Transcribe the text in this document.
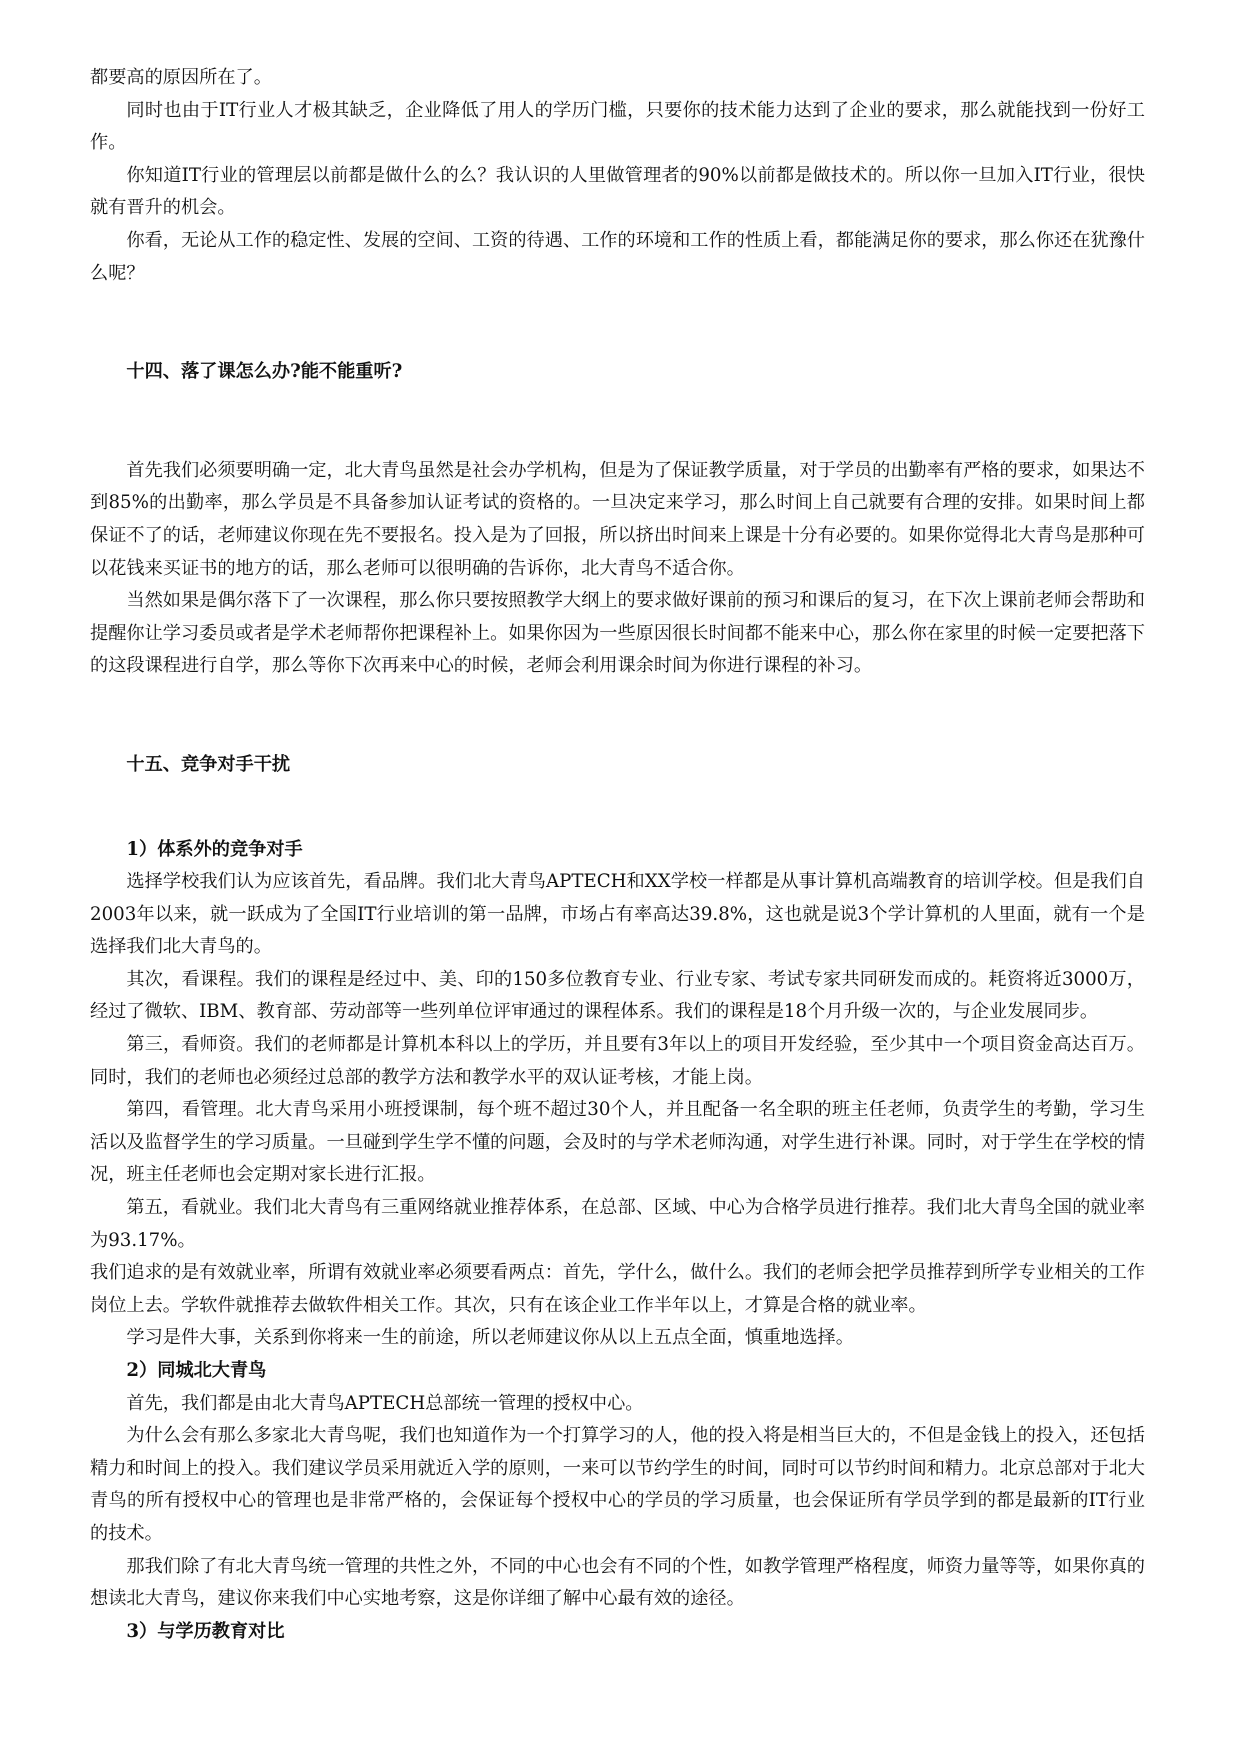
都要高的原因所在了。

同时也由于IT行业人才极其缺乏，企业降低了用人的学历门槛，只要你的技术能力达到了企业的要求，那么就能找到一份好工作。

你知道IT行业的管理层以前都是做什么的么？我认识的人里做管理者的90%以前都是做技术的。所以你一旦加入IT行业，很快就有晋升的机会。

你看，无论从工作的稳定性、发展的空间、工资的待遇、工作的环境和工作的性质上看，都能满足你的要求，那么你还在犹豫什么呢？

十四、落了课怎么办?能不能重听?

首先我们必须要明确一定，北大青鸟虽然是社会办学机构，但是为了保证教学质量，对于学员的出勤率有严格的要求，如果达不到85%的出勤率，那么学员是不具备参加认证考试的资格的。一旦决定来学习，那么时间上自己就要有合理的安排。如果时间上都保证不了的话，老师建议你现在先不要报名。投入是为了回报，所以挤出时间来上课是十分有必要的。如果你觉得北大青鸟是那种可以花钱来买证书的地方的话，那么老师可以很明确的告诉你，北大青鸟不适合你。

当然如果是偶尔落下了一次课程，那么你只要按照教学大纲上的要求做好课前的预习和课后的复习，在下次上课前老师会帮助和提醒你让学习委员或者是学术老师帮你把课程补上。如果你因为一些原因很长时间都不能来中心，那么你在家里的时候一定要把落下的这段课程进行自学，那么等你下次再来中心的时候，老师会利用课余时间为你进行课程的补习。

十五、竞争对手干扰

1）体系外的竞争对手

选择学校我们认为应该首先，看品牌。我们北大青鸟APTECH和XX学校一样都是从事计算机高端教育的培训学校。但是我们自2003年以来，就一跃成为了全国IT行业培训的第一品牌，市场占有率高达39.8%，这也就是说3个学计算机的人里面，就有一个是选择我们北大青鸟的。

其次，看课程。我们的课程是经过中、美、印的150多位教育专业、行业专家、考试专家共同研发而成的。耗资将近3000万，经过了微软、IBM、教育部、劳动部等一些列单位评审通过的课程体系。我们的课程是18个月升级一次的，与企业发展同步。

第三，看师资。我们的老师都是计算机本科以上的学历，并且要有3年以上的项目开发经验，至少其中一个项目资金高达百万。同时，我们的老师也必须经过总部的教学方法和教学水平的双认证考核，才能上岗。

第四，看管理。北大青鸟采用小班授课制，每个班不超过30个人，并且配备一名全职的班主任老师，负责学生的考勤，学习生活以及监督学生的学习质量。一旦碰到学生学不懂的问题，会及时的与学术老师沟通，对学生进行补课。同时，对于学生在学校的情况，班主任老师也会定期对家长进行汇报。

第五，看就业。我们北大青鸟有三重网络就业推荐体系，在总部、区域、中心为合格学员进行推荐。我们北大青鸟全国的就业率为93.17%。

我们追求的是有效就业率，所谓有效就业率必须要看两点：首先，学什么，做什么。我们的老师会把学员推荐到所学专业相关的工作岗位上去。学软件就推荐去做软件相关工作。其次，只有在该企业工作半年以上，才算是合格的就业率。

学习是件大事，关系到你将来一生的前途，所以老师建议你从以上五点全面，慎重地选择。

2）同城北大青鸟

首先，我们都是由北大青鸟APTECH总部统一管理的授权中心。

为什么会有那么多家北大青鸟呢，我们也知道作为一个打算学习的人，他的投入将是相当巨大的，不但是金钱上的投入，还包括精力和时间上的投入。我们建议学员采用就近入学的原则，一来可以节约学生的时间，同时可以节约时间和精力。北京总部对于北大青鸟的所有授权中心的管理也是非常严格的，会保证每个授权中心的学员的学习质量，也会保证所有学员学到的都是最新的IT行业的技术。

那我们除了有北大青鸟统一管理的共性之外，不同的中心也会有不同的个性，如教学管理严格程度，师资力量等等，如果你真的想读北大青鸟，建议你来我们中心实地考察，这是你详细了解中心最有效的途径。

3）与学历教育对比
